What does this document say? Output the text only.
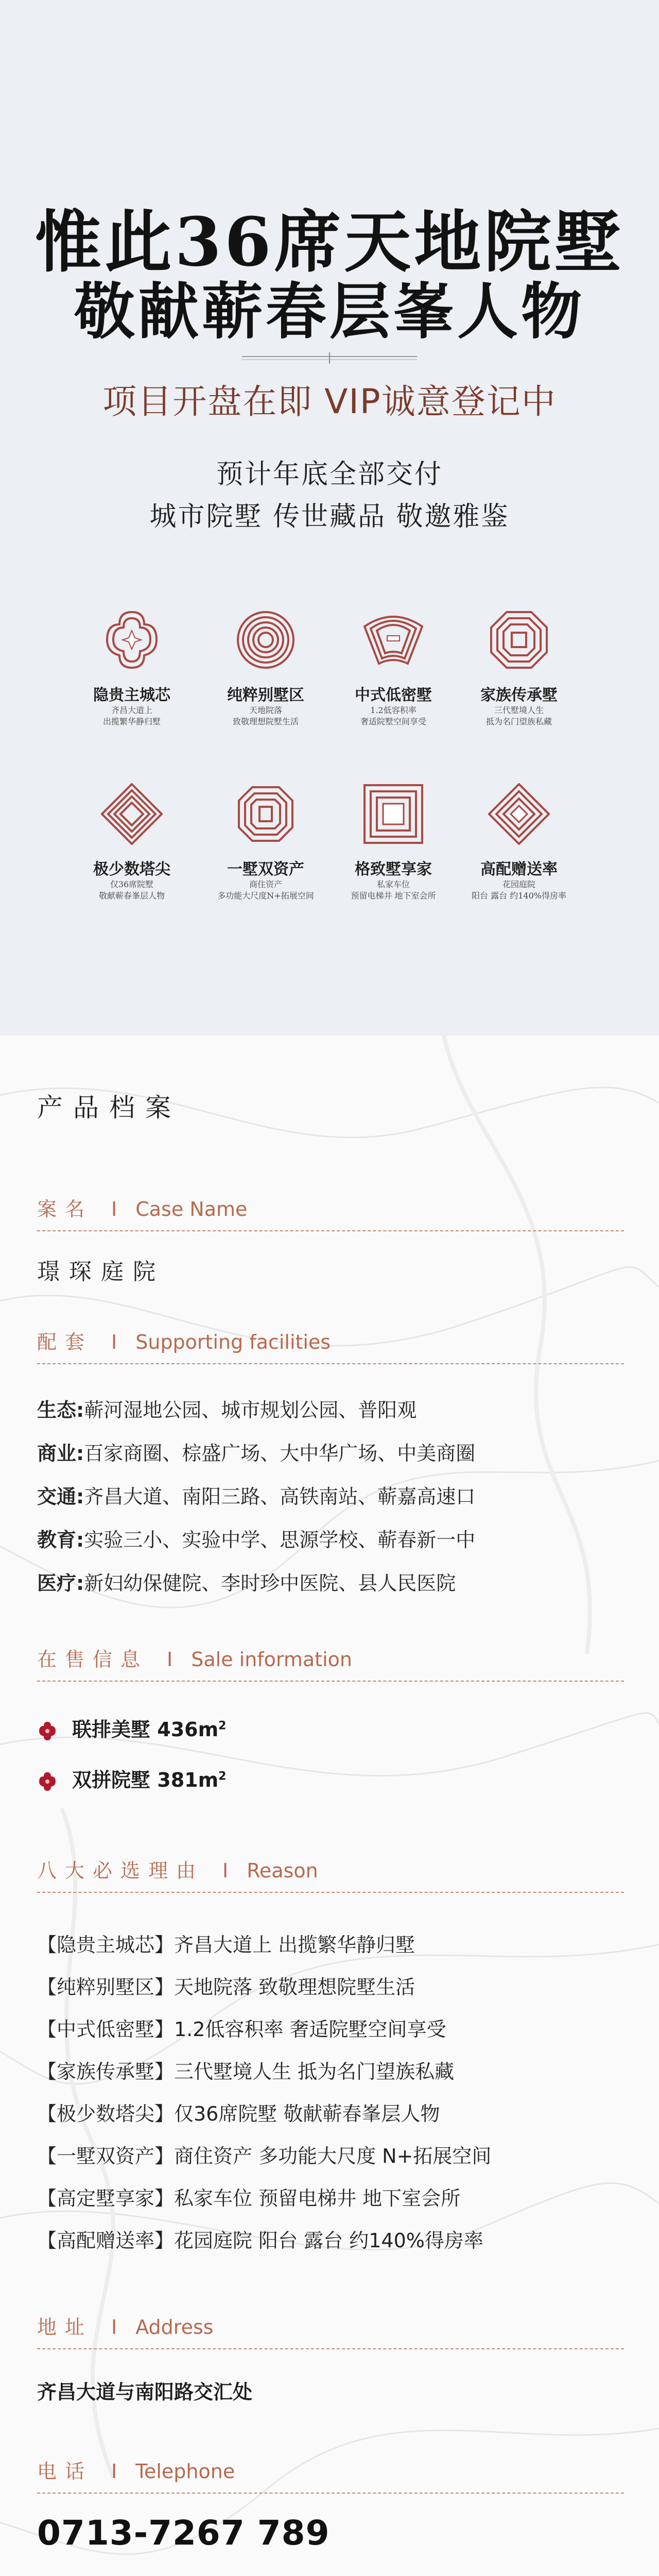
惟此36席天地院墅
敬献蕲春层峯人物
项目开盘在即 VIP诚意登记中
预计年底全部交付
城市院墅 传世藏品 敬邀雅鉴
隐贵主城芯
齐昌大道上
出揽繁华静归墅
纯粹别墅区
天地院落
致敬理想院墅生活
中式低密墅
1.2低容积率
奢适院墅空间享受
家族传承墅
三代墅境人生
抵为名门望族私藏
极少数塔尖
仅36席院墅
敬献蕲春峯层人物
一墅双资产
商住资产
多功能大尺度N+拓展空间
格致墅享家
私家车位
预留电梯井 地下室会所
高配赠送率
花园庭院
阳台 露台 约140%得房率
产品档案
案名 I Case Name
璟琛庭院
配套 I Supporting facilities
生态:蕲河湿地公园、城市规划公园、普阳观
商业:百家商圈、棕盛广场、大中华广场、中美商圈
交通:齐昌大道、南阳三路、高铁南站、蕲嘉高速口
教育:实验三小、实验中学、思源学校、蕲春新一中
医疗:新妇幼保健院、李时珍中医院、县人民医院
在售信息 I Sale information
联排美墅 $436m^2$
双拼院墅 $381m^2$
八大必选理由 I Reason
【隐贵主城芯】齐昌大道上 出揽繁华静归墅
【纯粹别墅区】天地院落 致敬理想院墅生活
【中式低密墅】1.2低容积率 奢适院墅空间享受
【家族传承墅】三代墅境人生 抵为名门望族私藏
【极少数塔尖】仅36席院墅 敬献蕲春峯层人物
【一墅双资产】商住资产 多功能大尺度 N+拓展空间
【高定墅享家】私家车位 预留电梯井 地下室会所
【高配赠送率】花园庭院 阳台 露台 约140%得房率
地址 I Address
齐昌大道与南阳路交汇处
电话 I Telephone
0713-7267 789
